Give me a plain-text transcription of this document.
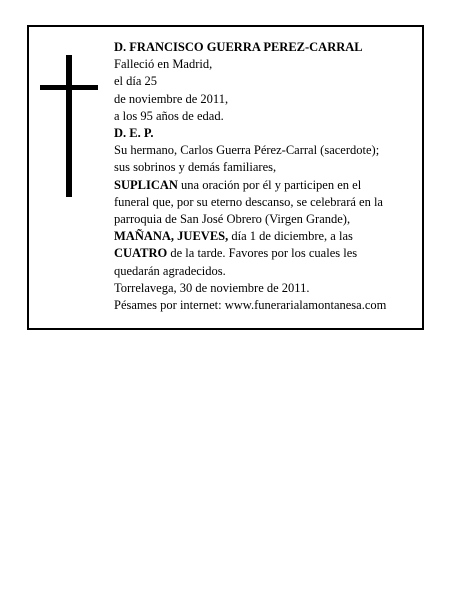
D. FRANCISCO GUERRA PEREZ-CARRAL
Falleció en Madrid,
el día 25
de noviembre de 2011,
a los 95 años de edad.
D. E. P.
Su hermano, Carlos Guerra Pérez-Carral (sacerdote);
sus sobrinos y demás familiares,
SUPLICAN una oración por él y participen en el
funeral que, por su eterno descanso, se celebrará en la
parroquia de San José Obrero (Virgen Grande),
MAÑANA, JUEVES, día 1 de diciembre, a las
CUATRO de la tarde. Favores por los cuales les
quedarán agradecidos.
Torrelavega, 30 de noviembre de 2011.
Pésames por internet: www.funerarialamontanesa.com
